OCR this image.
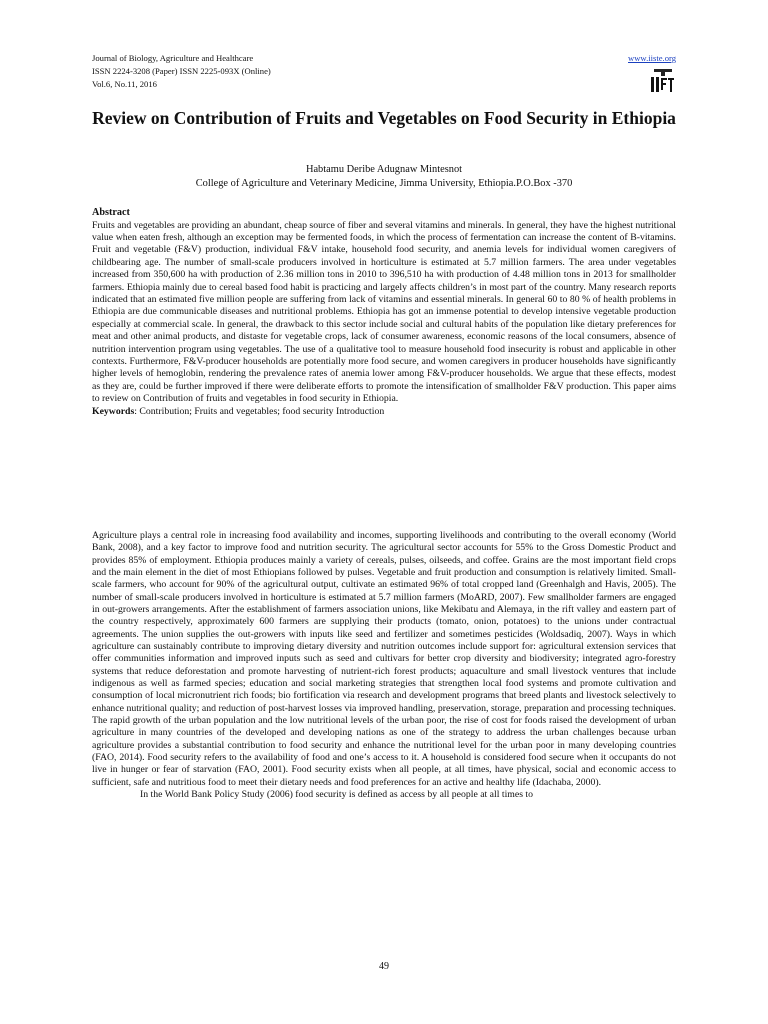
Journal of Biology, Agriculture and Healthcare
ISSN 2224-3208 (Paper) ISSN 2225-093X (Online)
Vol.6, No.11, 2016
www.iiste.org
Review on Contribution of Fruits and Vegetables on Food Security in Ethiopia
Habtamu Deribe Adugnaw Mintesnot
College of Agriculture and Veterinary Medicine, Jimma University, Ethiopia.P.O.Box -370
Abstract

Fruits and vegetables are providing an abundant, cheap source of fiber and several vitamins and minerals. In general, they have the highest nutritional value when eaten fresh, although an exception may be fermented foods, in which the process of fermentation can increase the content of B-vitamins. Fruit and vegetable (F&V) production, individual F&V intake, household food security, and anemia levels for individual women caregivers of childbearing age. The number of small-scale producers involved in horticulture is estimated at 5.7 million farmers. The area under vegetables increased from 350,600 ha with production of 2.36 million tons in 2010 to 396,510 ha with production of 4.48 million tons in 2013 for smallholder farmers. Ethiopia mainly due to cereal based food habit is practicing and largely affects children’s in most part of the country. Many research reports indicated that an estimated five million people are suffering from lack of vitamins and essential minerals. In general 60 to 80 % of health problems in Ethiopia are due communicable diseases and nutritional problems. Ethiopia has got an immense potential to develop intensive vegetable production especially at commercial scale. In general, the drawback to this sector include social and cultural habits of the population like dietary preferences for meat and other animal products, and distaste for vegetable crops, lack of consumer awareness, economic reasons of the local consumers, absence of nutrition intervention program using vegetables. The use of a qualitative tool to measure household food insecurity is robust and applicable in other contexts. Furthermore, F&V-producer households are potentially more food secure, and women caregivers in producer households have significantly higher levels of hemoglobin, rendering the prevalence rates of anemia lower among F&V-producer households. We argue that these effects, modest as they are, could be further improved if there were deliberate efforts to promote the intensification of smallholder F&V production. This paper aims to review on Contribution of fruits and vegetables in food security in Ethiopia.

Keywords: Contribution; Fruits and vegetables; food security Introduction

Agriculture plays a central role in increasing food availability and incomes, supporting livelihoods and contributing to the overall economy (World Bank, 2008), and a key factor to improve food and nutrition security. The agricultural sector accounts for 55% to the Gross Domestic Product and provides 85% of employment. Ethiopia produces mainly a variety of cereals, pulses, oilseeds, and coffee. Grains are the most important field crops and the main element in the diet of most Ethiopians followed by pulses. Vegetable and fruit production and consumption is relatively limited. Small-scale farmers, who account for 90% of the agricultural output, cultivate an estimated 96% of total cropped land (Greenhalgh and Havis, 2005). The number of small-scale producers involved in horticulture is estimated at 5.7 million farmers (MoARD, 2007). Few smallholder farmers are engaged in out-growers arrangements. After the establishment of farmers association unions, like Mekibatu and Alemaya, in the rift valley and eastern part of the country respectively, approximately 600 farmers are supplying their products (tomato, onion, potatoes) to the unions under contractual agreements. The union supplies the out-growers with inputs like seed and fertilizer and sometimes pesticides (Woldsadiq, 2007). Ways in which agriculture can sustainably contribute to improving dietary diversity and nutrition outcomes include support for: agricultural extension services that offer communities information and improved inputs such as seed and cultivars for better crop diversity and biodiversity; integrated agro-forestry systems that reduce deforestation and promote harvesting of nutrient-rich forest products; aquaculture and small livestock ventures that include indigenous as well as farmed species; education and social marketing strategies that strengthen local food systems and promote cultivation and consumption of local micronutrient rich foods; bio fortification via research and development programs that breed plants and livestock selectively to enhance nutritional quality; and reduction of post-harvest losses via improved handling, preservation, storage, preparation and processing techniques. The rapid growth of the urban population and the low nutritional levels of the urban poor, the rise of cost for foods raised the development of urban agriculture in many countries of the developed and developing nations as one of the strategy to address the urban challenges because urban agriculture provides a substantial contribution to food security and enhance the nutritional level for the urban poor in many developing countries (FAO, 2014). Food security refers to the availability of food and one’s access to it. A household is considered food secure when it occupants do not live in hunger or fear of starvation (FAO, 2001). Food security exists when all people, at all times, have physical, social and economic access to sufficient, safe and nutritious food to meet their dietary needs and food preferences for an active and healthy life (Idachaba, 2000).

In the World Bank Policy Study (2006) food security is defined as access by all people at all times to

49
